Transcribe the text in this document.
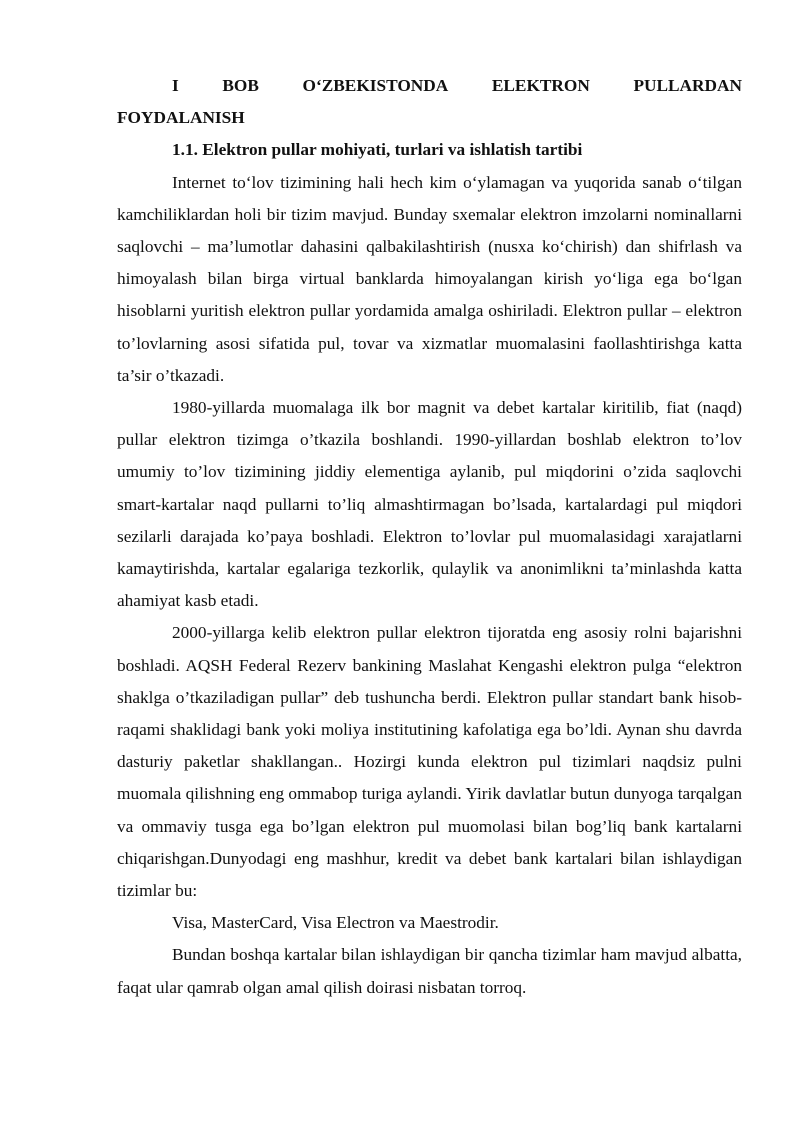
I	BOB	O‘ZBEKISTONDA	ELEKTRON	PULLARDAN
FOYDALANISH

1.1. Elektron pullar mohiyati, turlari va ishlatish tartibi

Internet to‘lov tizimining hali hech kim o‘ylamagan va yuqorida sanab o‘tilgan kamchiliklardan holi bir tizim mavjud. Bunday sxemalar elektron imzolarni nominallarni saqlovchi – ma’lumotlar dahasini qalbakilashtirish (nusxa ko‘chirish) dan shifrlash va himoyalash bilan birga virtual banklarda himoyalangan kirish yo‘liga ega bo‘lgan hisoblarni yuritish elektron pullar yordamida amalga oshiriladi. Elektron pullar – elektron to’lovlarning asosi sifatida pul, tovar va xizmatlar muomalasini faollashtirishga katta ta’sir o’tkazadi.

1980-yillarda muomalaga ilk bor magnit va debet kartalar kiritilib, fiat (naqd) pullar elektron tizimga o’tkazila boshlandi. 1990-yillardan boshlab elektron to’lov umumiy to’lov tizimining jiddiy elementiga aylanib, pul miqdorini o’zida saqlovchi smart-kartalar naqd pullarni to’liq almashtirmagan bo’lsada, kartalardagi pul miqdori sezilarli darajada ko’paya boshladi. Elektron to’lovlar pul muomalasidagi xarajatlarni kamaytirishda, kartalar egalariga tezkorlik, qulaylik va anonimlikni ta’minlashda katta ahamiyat kasb etadi.

2000-yillarga kelib elektron pullar elektron tijoratda eng asosiy rolni bajarishni boshladi. AQSH Federal Rezerv bankining Maslahat Kengashi elektron pulga “elektron shaklga o’tkaziladigan pullar” deb tushuncha berdi. Elektron pullar standart bank hisob-raqami shaklidagi bank yoki moliya institutining kafolatiga ega bo’ldi. Aynan shu davrda dasturiy paketlar shakllangan.. Hozirgi kunda elektron pul tizimlari naqdsiz pulni muomala qilishning eng ommabop turiga aylandi. Yirik davlatlar butun dunyoga tarqalgan va ommaviy tusga ega bo’lgan elektron pul muomolasi bilan bog’liq bank kartalarni chiqarishgan.Dunyodagi eng mashhur, kredit va debet bank kartalari bilan ishlaydigan tizimlar bu:

Visa, MasterCard, Visa Electron va Maestrodir.

Bundan boshqa kartalar bilan ishlaydigan bir qancha tizimlar ham mavjud albatta, faqat ular qamrab olgan amal qilish doirasi nisbatan torroq.
